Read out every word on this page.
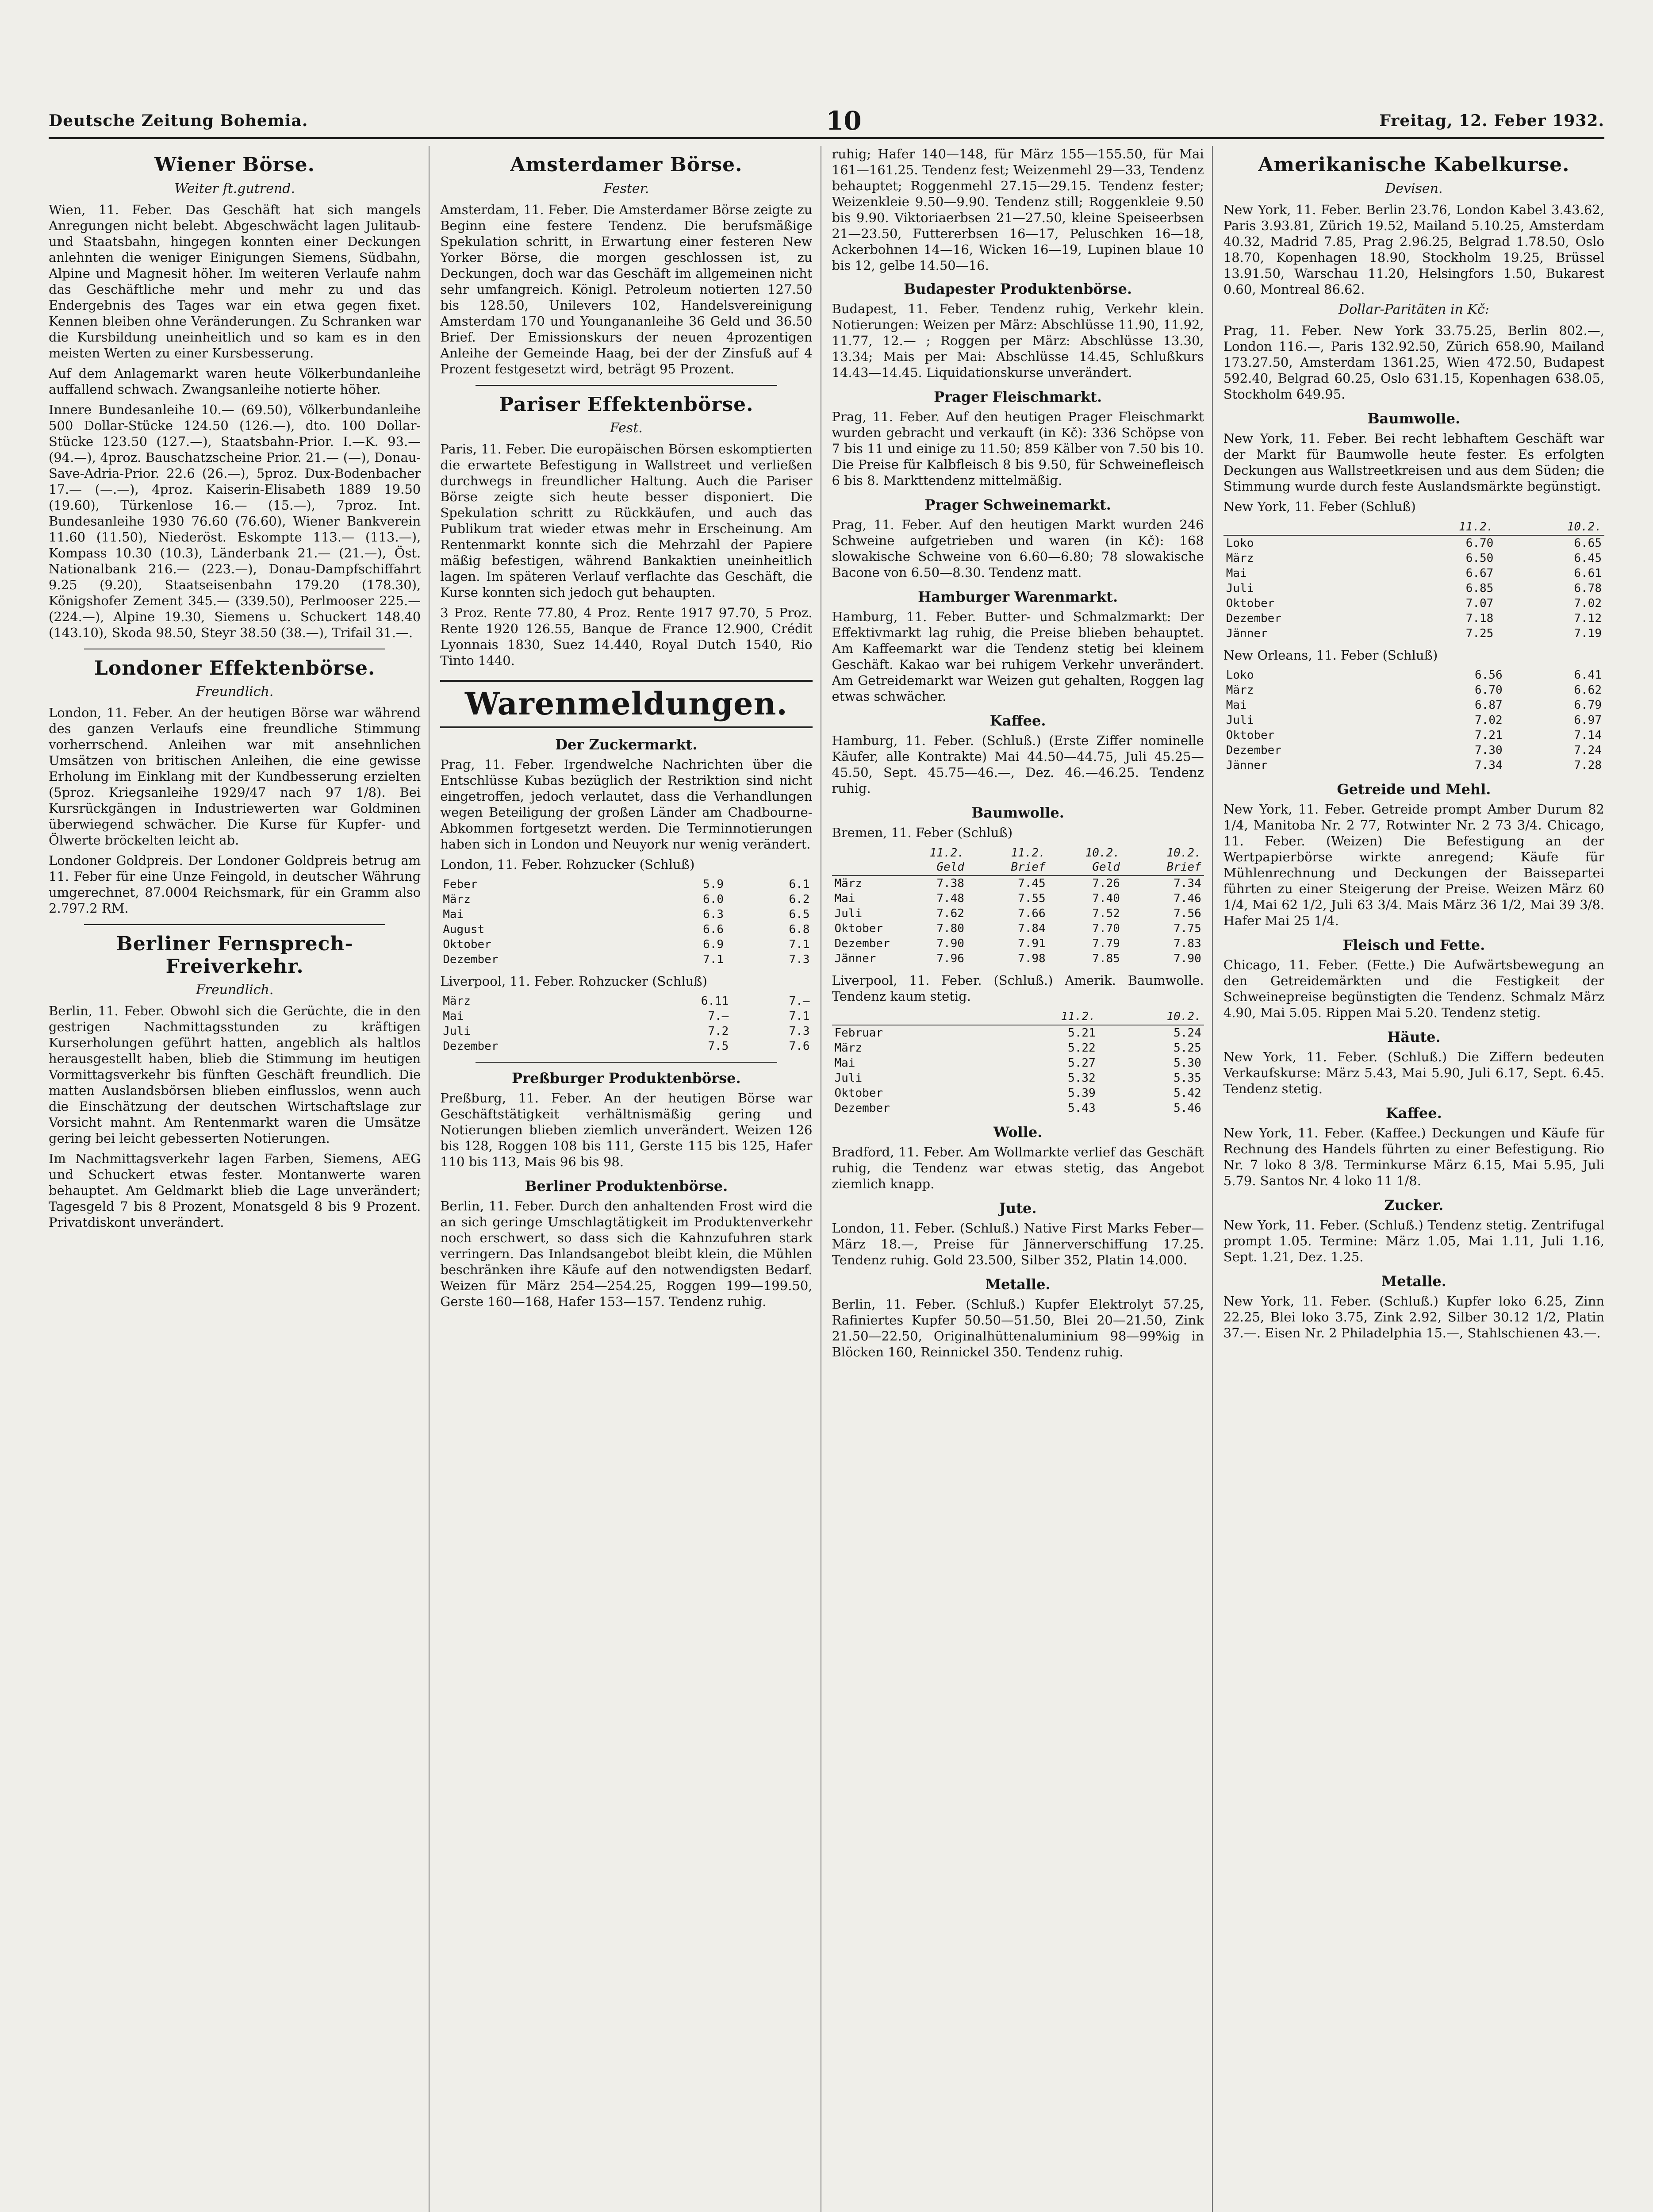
Deutsche Zeitung Bohemia.	10	Freitag, 12. Feber 1932.
Wiener Börse.
Weiter ft.gutrend.

Wien, 11. Feber. Das Geschäft hat sich mangels Anregungen nicht belebt. Abgeschwächt lagen Julitaub- und Staatsbahn, hingegen konnten einer Deckungen anlehnten die weniger Einigungen Siemens, Südbahn, Alpine und Magnesit höher. Im weiteren Verlaufe nahm das Geschäftliche mehr und mehr zu und das Endergebnis des Tages war ein etwa gegen fixet. Kennen bleiben ohne Veränderungen. Zu Schranken war die Kursbildung uneinheitlich und so kam es in den meisten Werten zu einer Kursbesserung.

Auf dem Anlagemarkt waren heute Völkerbundanleihe auffallend schwach. Zwangsanleihe notierte höher.

Innere Bundesanleihe 10.— (69.50), Völkerbundanleihe 500 Dollar-Stücke 124.50 (126.—), dto. 100 Dollar-Stücke 123.50 (127.—), Staatsbahn-Prior. I.—K. 93.— (94.—), 4proz. Bauschatzscheine Prior. 21.— (—), Donau-Save-Adria-Prior. 22.6 (26.—), 5proz. Dux-Bodenbacher 17.— (—.—), 4proz. Kaiserin-Elisabeth 1889 19.50 (19.60), Türkenlose 16.— (15.—), 7proz. Int. Bundesanleihe 1930 76.60 (76.60), Wiener Bankverein 11.60 (11.50), Niederöst. Eskompte 113.— (113.—), Kompass 10.30 (10.3), Länderbank 21.— (21.—), Öst. Nationalbank 216.— (223.—), Donau-Dampfschiffahrt 9.25 (9.20), Staatseisenbahn 179.20 (178.30), Königshofer Zement 345.— (339.50), Perlmooser 225.— (224.—), Alpine 19.30, Siemens u. Schuckert 148.40 (143.10), Skoda 98.50, Steyr 38.50 (38.—), Trifail 31.—.

Londoner Effektenbörse.
Freundlich.

London, 11. Feber. An der heutigen Börse war während des ganzen Verlaufs eine freundliche Stimmung vorherrschend. Anleihen war mit ansehnlichen Umsätzen von britischen Anleihen, die eine gewisse Erholung im Einklang mit der Kundbesserung erzielten (5proz. Kriegsanleihe 1929/47 nach 97 1/8). Bei Kursrückgängen in Industriewerten war Goldminen überwiegend schwächer. Die Kurse für Kupfer- und Ölwerte bröckelten leicht ab.

Londoner Goldpreis. Der Londoner Goldpreis betrug am 11. Feber für eine Unze Feingold, in deutscher Währung umgerechnet, 87.0004 Reichsmark, für ein Gramm also 2.797.2 RM.

Berliner Fernsprech-Freiverkehr.
Freundlich.

Berlin, 11. Feber. Obwohl sich die Gerüchte, die in den gestrigen Nachmittagsstunden zu kräftigen Kurserholungen geführt hatten, angeblich als haltlos herausgestellt haben, blieb die Stimmung im heutigen Vormittagsverkehr bis fünften Geschäft freundlich. Die matten Auslandsbörsen blieben einflusslos, wenn auch die Einschätzung der deutschen Wirtschaftslage zur Vorsicht mahnt. Am Rentenmarkt waren die Umsätze gering bei leicht gebesserten Notierungen.

Im Nachmittagsverkehr lagen Farben, Siemens, AEG und Schuckert etwas fester. Montanwerte waren behauptet. Am Geldmarkt blieb die Lage unverändert; Tagesgeld 7 bis 8 Prozent, Monatsgeld 8 bis 9 Prozent. Privatdiskont unverändert.

Amsterdamer Börse.
Fester.

Amsterdam, 11. Feber. Die Amsterdamer Börse zeigte zu Beginn eine festere Tendenz. Die berufsmäßige Spekulation schritt, in Erwartung einer festeren New Yorker Börse, die morgen geschlossen ist, zu Deckungen, doch war das Geschäft im allgemeinen nicht sehr umfangreich. Königl. Petroleum notierten 127.50 bis 128.50, Unilevers 102, Handelsvereinigung Amsterdam 170 und Youngananleihe 36 Geld und 36.50 Brief. Der Emissionskurs der neuen 4prozentigen Anleihe der Gemeinde Haag, bei der der Zinsfuß auf 4 Prozent festgesetzt wird, beträgt 95 Prozent.

Pariser Effektenbörse.
Fest.

Paris, 11. Feber. Die europäischen Börsen eskomptierten die erwartete Befestigung in Wallstreet und verließen durchwegs in freundlicher Haltung. Auch die Pariser Börse zeigte sich heute besser disponiert. Die Spekulation schritt zu Rückkäufen, und auch das Publikum trat wieder etwas mehr in Erscheinung. Am Rentenmarkt konnte sich die Mehrzahl der Papiere mäßig befestigen, während Bankaktien uneinheitlich lagen. Im späteren Verlauf verflachte das Geschäft, die Kurse konnten sich jedoch gut behaupten.

3 Proz. Rente 77.80, 4 Proz. Rente 1917 97.70, 5 Proz. Rente 1920 126.55, Banque de France 12.900, Crédit Lyonnais 1830, Suez 14.440, Royal Dutch 1540, Rio Tinto 1440.

Warenmeldungen.
Der Zuckermarkt.

Prag, 11. Feber. Irgendwelche Nachrichten über die Entschlüsse Kubas bezüglich der Restriktion sind nicht eingetroffen, jedoch verlautet, dass die Verhandlungen wegen Beteiligung der großen Länder am Chadbourne-Abkommen fortgesetzt werden. Die Terminnotierungen haben sich in London und Neuyork nur wenig verändert.

London, 11. Feber. Rohzucker (Schluß)

Feber	5.9	6.1
März	6.0	6.2
Mai	6.3	6.5
August	6.6	6.8
Oktober	6.9	7.1
Dezember	7.1	7.3

Liverpool, 11. Feber. Rohzucker (Schluß)

März	6.11	7.—
Mai	7.—	7.1
Juli	7.2	7.3
Dezember	7.5	7.6
Preßburger Produktenbörse.

Preßburg, 11. Feber. An der heutigen Börse war Geschäftstätigkeit verhältnismäßig gering und Notierungen blieben ziemlich unverändert. Weizen 126 bis 128, Roggen 108 bis 111, Gerste 115 bis 125, Hafer 110 bis 113, Mais 96 bis 98.

Berliner Produktenbörse.

Berlin, 11. Feber. Durch den anhaltenden Frost wird die an sich geringe Umschlagtätigkeit im Produktenverkehr noch erschwert, so dass sich die Kahnzufuhren stark verringern. Das Inlandsangebot bleibt klein, die Mühlen beschränken ihre Käufe auf den notwendigsten Bedarf. Weizen für März 254—254.25, Roggen 199—199.50, Gerste 160—168, Hafer 153—157. Tendenz ruhig.

ruhig; Hafer 140—148, für März 155—155.50, für Mai 161—161.25. Tendenz fest; Weizenmehl 29—33, Tendenz behauptet; Roggenmehl 27.15—29.15. Tendenz fester; Weizenkleie 9.50—9.90. Tendenz still; Roggenkleie 9.50 bis 9.90. Viktoriaerbsen 21—27.50, kleine Speiseerbsen 21—23.50, Futtererbsen 16—17, Peluschken 16—18, Ackerbohnen 14—16, Wicken 16—19, Lupinen blaue 10 bis 12, gelbe 14.50—16.

Budapester Produktenbörse.

Budapest, 11. Feber. Tendenz ruhig, Verkehr klein. Notierungen: Weizen per März: Abschlüsse 11.90, 11.92, 11.77, 12.— ; Roggen per März: Abschlüsse 13.30, 13.34; Mais per Mai: Abschlüsse 14.45, Schlußkurs 14.43—14.45. Liquidationskurse unverändert.

Prager Fleischmarkt.

Prag, 11. Feber. Auf den heutigen Prager Fleischmarkt wurden gebracht und verkauft (in Kč): 336 Schöpse von 7 bis 11 und einige zu 11.50; 859 Kälber von 7.50 bis 10. Die Preise für Kalbfleisch 8 bis 9.50, für Schweinefleisch 6 bis 8. Markttendenz mittelmäßig.

Prager Schweinemarkt.

Prag, 11. Feber. Auf den heutigen Markt wurden 246 Schweine aufgetrieben und waren (in Kč): 168 slowakische Schweine von 6.60—6.80; 78 slowakische Bacone von 6.50—8.30. Tendenz matt.

Hamburger Warenmarkt.

Hamburg, 11. Feber. Butter- und Schmalzmarkt: Der Effektivmarkt lag ruhig, die Preise blieben behauptet. Am Kaffeemarkt war die Tendenz stetig bei kleinem Geschäft. Kakao war bei ruhigem Verkehr unverändert. Am Getreidemarkt war Weizen gut gehalten, Roggen lag etwas schwächer.

Kaffee.

Hamburg, 11. Feber. (Schluß.) (Erste Ziffer nominelle Käufer, alle Kontrakte) Mai 44.50—44.75, Juli 45.25—45.50, Sept. 45.75—46.—, Dez. 46.—46.25. Tendenz ruhig.

Baumwolle.

Bremen, 11. Feber (Schluß)

	11.2. Geld	11.2. Brief	10.2. Geld	10.2. Brief
März	7.38	7.45	7.26	7.34
Mai	7.48	7.55	7.40	7.46
Juli	7.62	7.66	7.52	7.56
Oktober	7.80	7.84	7.70	7.75
Dezember	7.90	7.91	7.79	7.83
Jänner	7.96	7.98	7.85	7.90

Liverpool, 11. Feber. (Schluß.) Amerik. Baumwolle. Tendenz kaum stetig.

	11.2.	10.2.
Februar	5.21	5.24
März	5.22	5.25
Mai	5.27	5.30
Juli	5.32	5.35
Oktober	5.39	5.42
Dezember	5.43	5.46
Wolle.

Bradford, 11. Feber. Am Wollmarkte verlief das Geschäft ruhig, die Tendenz war etwas stetig, das Angebot ziemlich knapp.

Jute.

London, 11. Feber. (Schluß.) Native First Marks Feber—März 18.—, Preise für Jännerverschiffung 17.25. Tendenz ruhig. Gold 23.500, Silber 352, Platin 14.000.

Metalle.

Berlin, 11. Feber. (Schluß.) Kupfer Elektrolyt 57.25, Rafiniertes Kupfer 50.50—51.50, Blei 20—21.50, Zink 21.50—22.50, Originalhüttenaluminium 98—99%ig in Blöcken 160, Reinnickel 350. Tendenz ruhig.

Amerikanische Kabelkurse.
Devisen.

New York, 11. Feber. Berlin 23.76, London Kabel 3.43.62, Paris 3.93.81, Zürich 19.52, Mailand 5.10.25, Amsterdam 40.32, Madrid 7.85, Prag 2.96.25, Belgrad 1.78.50, Oslo 18.70, Kopenhagen 18.90, Stockholm 19.25, Brüssel 13.91.50, Warschau 11.20, Helsingfors 1.50, Bukarest 0.60, Montreal 86.62.

Dollar-Paritäten in Kč:

Prag, 11. Feber. New York 33.75.25, Berlin 802.—, London 116.—, Paris 132.92.50, Zürich 658.90, Mailand 173.27.50, Amsterdam 1361.25, Wien 472.50, Budapest 592.40, Belgrad 60.25, Oslo 631.15, Kopenhagen 638.05, Stockholm 649.95.

Baumwolle.

New York, 11. Feber. Bei recht lebhaftem Geschäft war der Markt für Baumwolle heute fester. Es erfolgten Deckungen aus Wallstreetkreisen und aus dem Süden; die Stimmung wurde durch feste Auslandsmärkte begünstigt.

New York, 11. Feber (Schluß)

	11.2.	10.2.
Loko	6.70	6.65
März	6.50	6.45
Mai	6.67	6.61
Juli	6.85	6.78
Oktober	7.07	7.02
Dezember	7.18	7.12
Jänner	7.25	7.19

New Orleans, 11. Feber (Schluß)

Loko	6.56	6.41
März	6.70	6.62
Mai	6.87	6.79
Juli	7.02	6.97
Oktober	7.21	7.14
Dezember	7.30	7.24
Jänner	7.34	7.28
Getreide und Mehl.

New York, 11. Feber. Getreide prompt Amber Durum 82 1/4, Manitoba Nr. 2 77, Rotwinter Nr. 2 73 3/4. Chicago, 11. Feber. (Weizen) Die Befestigung an der Wertpapierbörse wirkte anregend; Käufe für Mühlenrechnung und Deckungen der Baissepartei führten zu einer Steigerung der Preise. Weizen März 60 1/4, Mai 62 1/2, Juli 63 3/4. Mais März 36 1/2, Mai 39 3/8. Hafer Mai 25 1/4.

Fleisch und Fette.

Chicago, 11. Feber. (Fette.) Die Aufwärtsbewegung an den Getreidemärkten und die Festigkeit der Schweinepreise begünstigten die Tendenz. Schmalz März 4.90, Mai 5.05. Rippen Mai 5.20. Tendenz stetig.

Häute.

New York, 11. Feber. (Schluß.) Die Ziffern bedeuten Verkaufskurse: März 5.43, Mai 5.90, Juli 6.17, Sept. 6.45. Tendenz stetig.

Kaffee.

New York, 11. Feber. (Kaffee.) Deckungen und Käufe für Rechnung des Handels führten zu einer Befestigung. Rio Nr. 7 loko 8 3/8. Terminkurse März 6.15, Mai 5.95, Juli 5.79. Santos Nr. 4 loko 11 1/8.

Zucker.

New York, 11. Feber. (Schluß.) Tendenz stetig. Zentrifugal prompt 1.05. Termine: März 1.05, Mai 1.11, Juli 1.16, Sept. 1.21, Dez. 1.25.

Metalle.

New York, 11. Feber. (Schluß.) Kupfer loko 6.25, Zinn 22.25, Blei loko 3.75, Zink 2.92, Silber 30.12 1/2, Platin 37.—. Eisen Nr. 2 Philadelphia 15.—, Stahlschienen 43.—.
